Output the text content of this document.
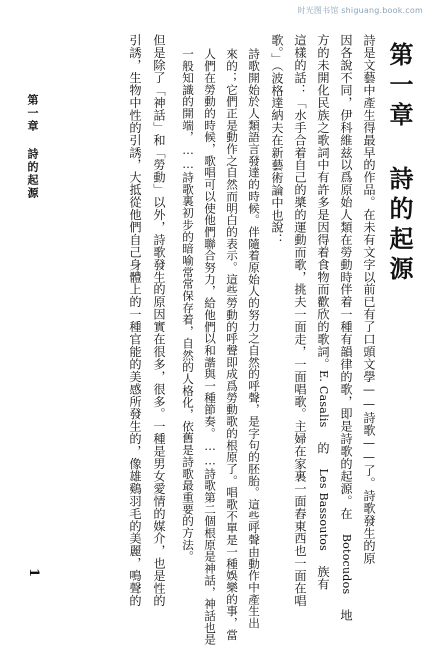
时光图书馆 shiguang.book.com
第一章 詩的起源
詩是文藝中產生得最早的作品。在未有文字以前已有了口頭文學——詩歌——了。詩歌發生的原
因各說不同，伊科維兹以爲原始人類在勞動時伴着一種有韻律的歌，即是詩歌的起源。在 Botocudos 地
方的未開化民族之歌詞中有許多是因得着食物而歡欣的歌詞。E. Casalis 的 Les Bassoutos 族有
這樣的話：「水手合着自己的槳的運動而歌，挑夫一面走，一面唱歌。主婦在家裏一面舂東西也一面在唱
歌。」（波格達納夫在新藝術論中也說：
詩歌開始於人類語言發達的時候。伴隨着原始人的努力之自然的呼聲，是字句的胚胎。這些呼聲由動作中產生出
來的；它們正是動作之自然而明白的表示。這些勞動的呼聲即成爲勞動歌的根原了。唱歌不單是一種娛樂的事，當
人們在勞動的時候，歌唱可以使他們聯合努力，給他們以和諧與一種節奏。……詩歌第二個根原是神話，神話也是
一般知識的開端，……詩歌裏初步的暗喻常常保存着，自然的人格化，依舊是詩歌最重要的方法。
但是除了「神話」和「勞動」以外，詩歌發生的原因實在很多，很多。一種是男女愛情的媒介，也是性的
引誘，生物中性的引誘，大抵從他們自己身體上的一種官能的美感所發生的，像雄鷄羽毛的美麗，鳴聲的
第一章 詩的起源
1
